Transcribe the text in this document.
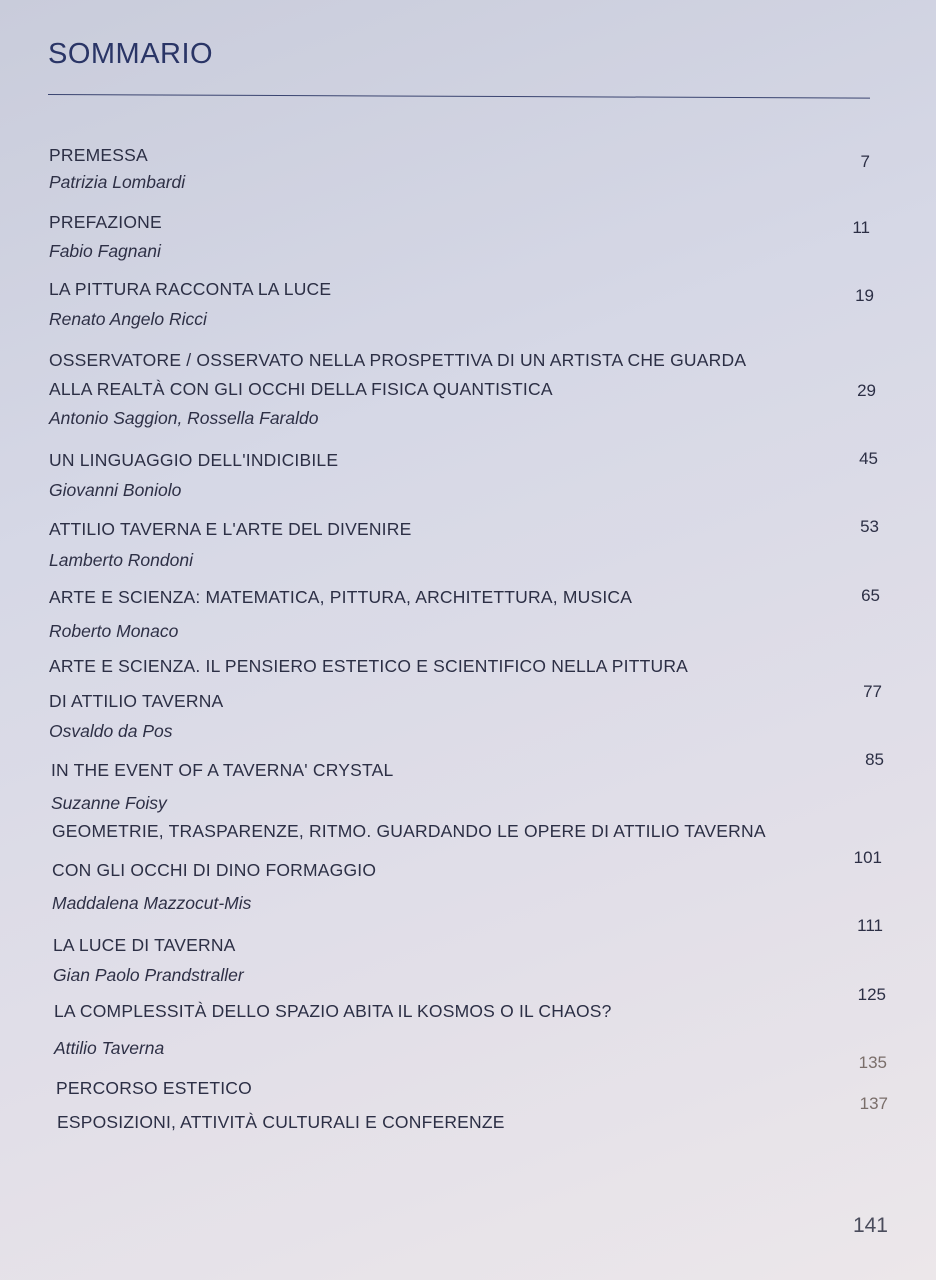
SOMMARIO
PREMESSA
Patrizia Lombardi
7
PREFAZIONE
Fabio Fagnani
11
LA PITTURA RACCONTA LA LUCE
Renato Angelo Ricci
19
OSSERVATORE / OSSERVATO NELLA PROSPETTIVA DI UN ARTISTA CHE GUARDA
ALLA REALTÀ CON GLI OCCHI DELLA FISICA QUANTISTICA
Antonio Saggion, Rossella Faraldo
29
UN LINGUAGGIO DELL'INDICIBILE
Giovanni Boniolo
45
ATTILIO TAVERNA E L'ARTE DEL DIVENIRE
Lamberto Rondoni
53
ARTE E SCIENZA: MATEMATICA, PITTURA, ARCHITETTURA, MUSICA
Roberto Monaco
65
ARTE E SCIENZA. IL PENSIERO ESTETICO E SCIENTIFICO NELLA PITTURA
DI ATTILIO TAVERNA
Osvaldo da Pos
77
IN THE EVENT OF A TAVERNA' CRYSTAL
Suzanne Foisy
85
GEOMETRIE, TRASPARENZE, RITMO. GUARDANDO LE OPERE DI ATTILIO TAVERNA
CON GLI OCCHI DI DINO FORMAGGIO
Maddalena Mazzocut-Mis
101
LA LUCE DI TAVERNA
Gian Paolo Prandstraller
111
LA COMPLESSITÀ DELLO SPAZIO ABITA IL KOSMOS O IL CHAOS?
Attilio Taverna
125
PERCORSO ESTETICO
135
ESPOSIZIONI, ATTIVITÀ CULTURALI E CONFERENZE
137
141
